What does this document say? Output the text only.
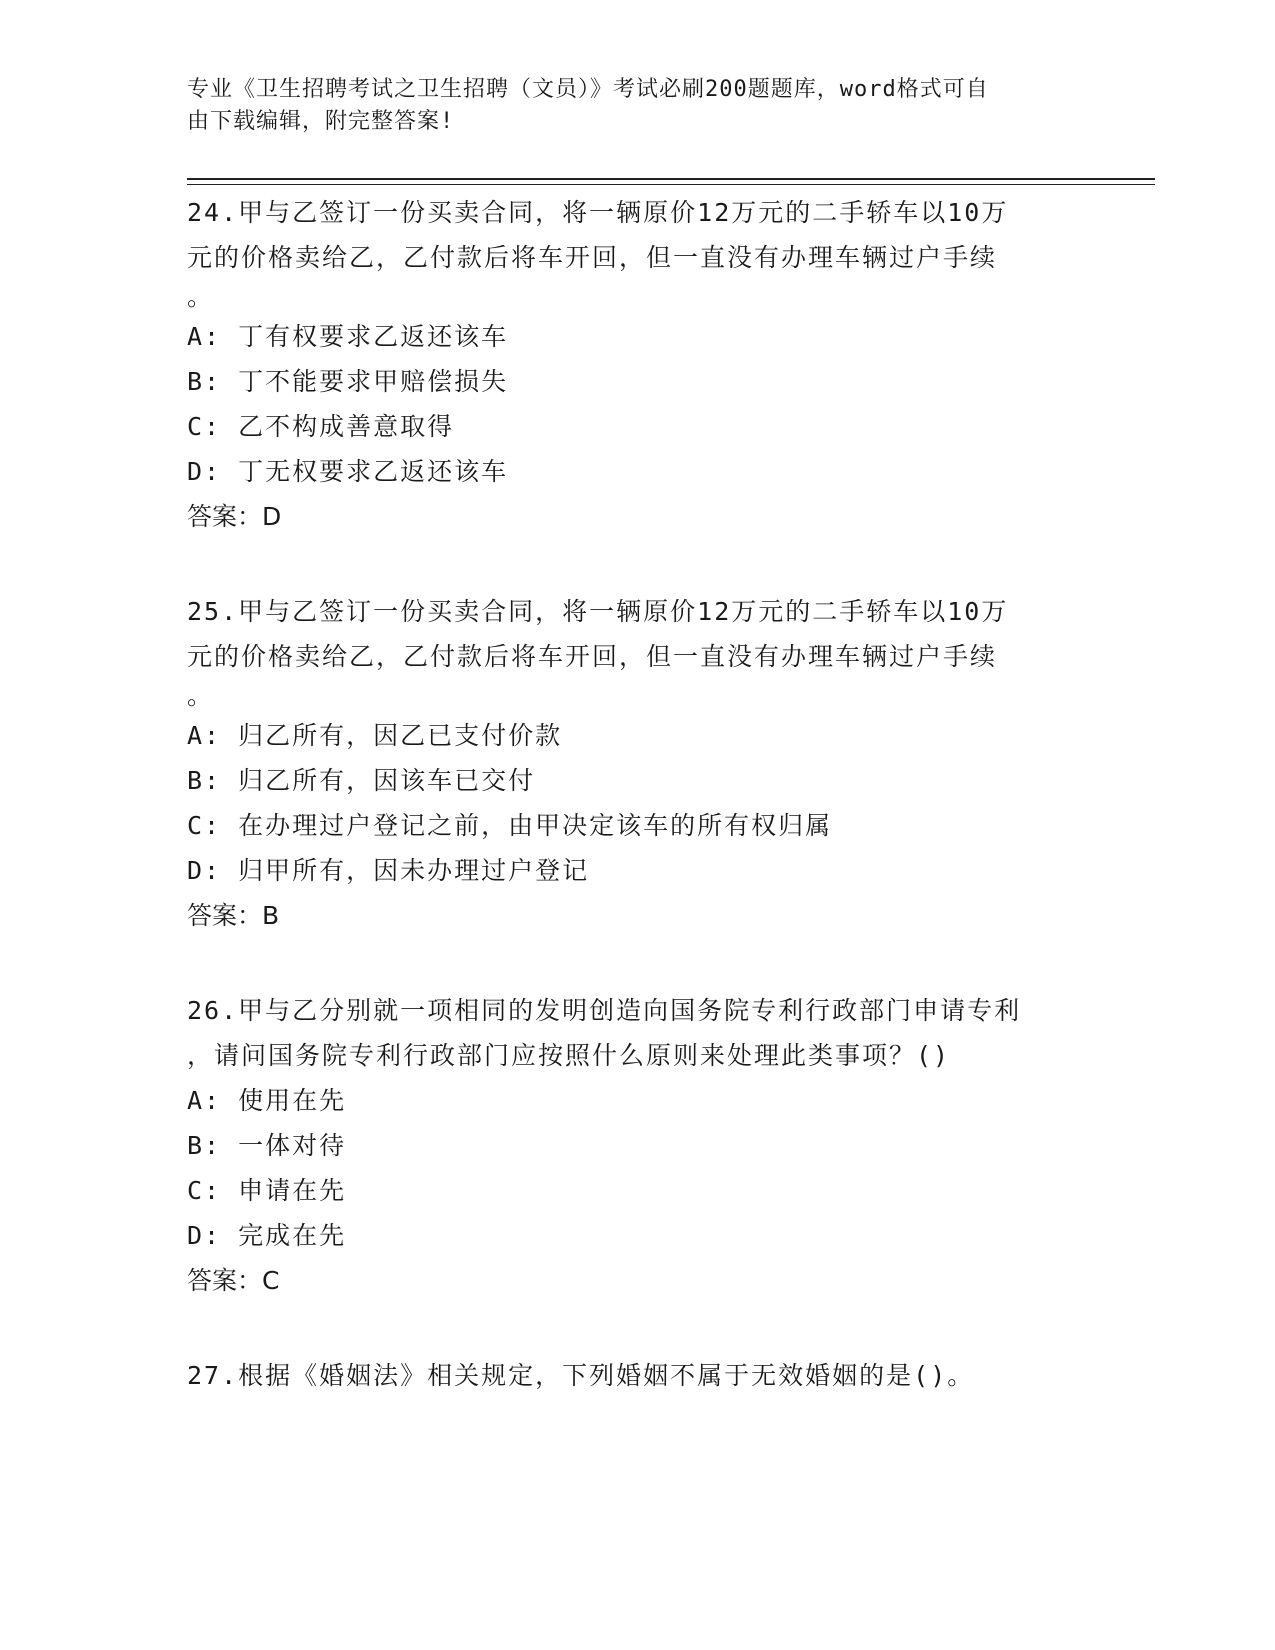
专业《卫生招聘考试之卫生招聘（文员）》考试必刷200题题库，word格式可自
由下载编辑，附完整答案!
24.甲与乙签订一份买卖合同，将一辆原价12万元的二手轿车以10万
元的价格卖给乙，乙付款后将车开回，但一直没有办理车辆过户手续
。
A: 丁有权要求乙返还该车
B: 丁不能要求甲赔偿损失
C: 乙不构成善意取得
D: 丁无权要求乙返还该车
答案：D
25.甲与乙签订一份买卖合同，将一辆原价12万元的二手轿车以10万
元的价格卖给乙，乙付款后将车开回，但一直没有办理车辆过户手续
。
A: 归乙所有，因乙已支付价款
B: 归乙所有，因该车已交付
C: 在办理过户登记之前，由甲决定该车的所有权归属
D: 归甲所有，因未办理过户登记
答案：B
26.甲与乙分别就一项相同的发明创造向国务院专利行政部门申请专利
，请问国务院专利行政部门应按照什么原则来处理此类事项？()
A: 使用在先
B: 一体对待
C: 申请在先
D: 完成在先
答案：C
27.根据《婚姻法》相关规定，下列婚姻不属于无效婚姻的是()。
